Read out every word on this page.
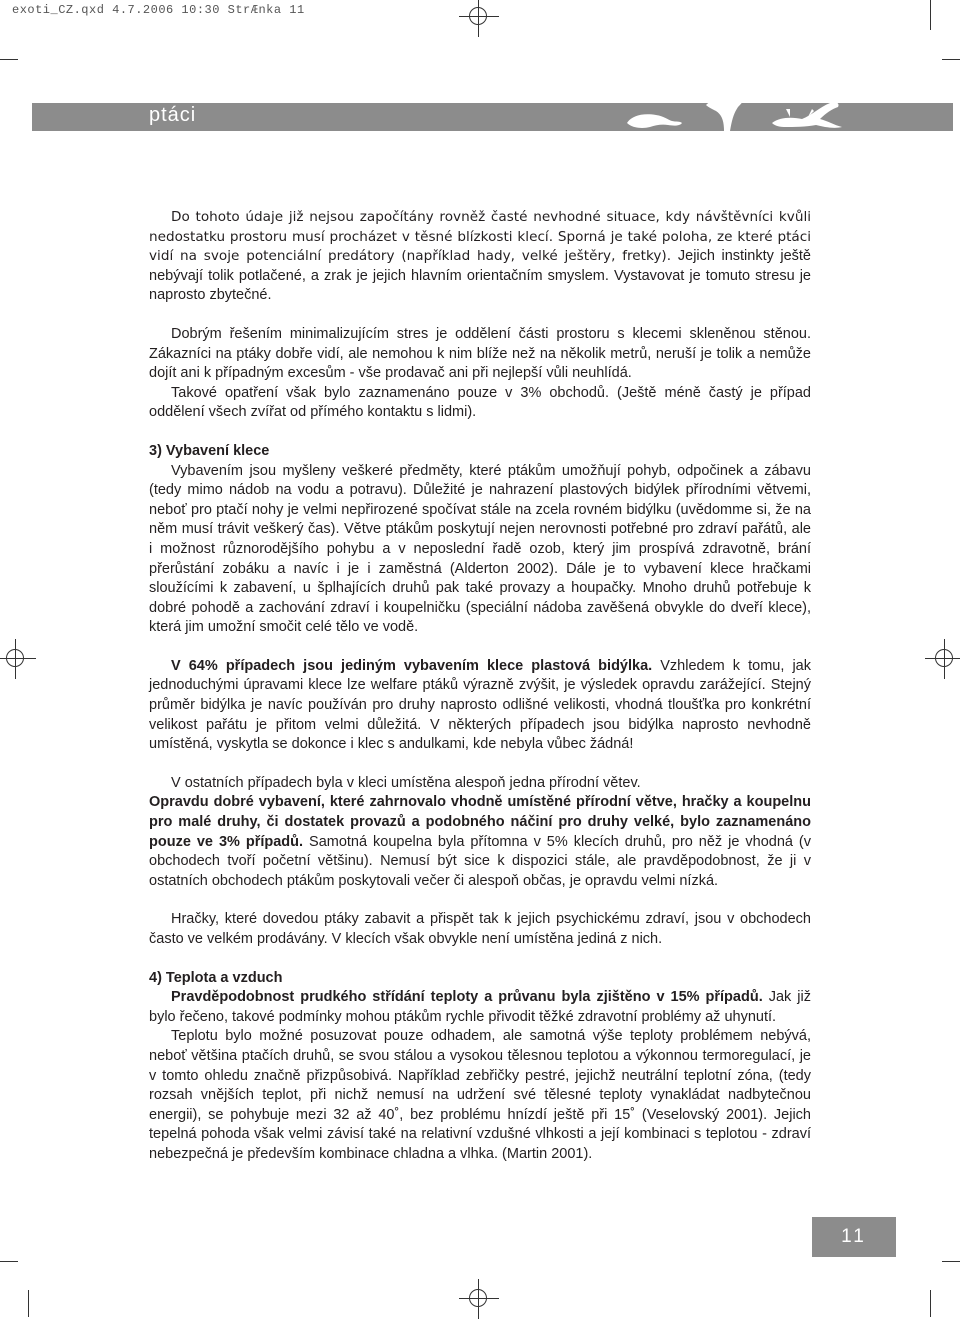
exoti_CZ.qxd 4.7.2006 10:30 StrÆnka 11
ptáci

Do tohoto údaje již nejsou započítány rovněž časté nevhodné situace, kdy návštěvníci kvůli nedostatku prostoru musí procházet v těsné blízkosti klecí. Sporná je také poloha, ze které ptáci vidí na svoje potenciální predátory (například hady, velké ještěry, fretky). Jejich instinkty ještě nebývají tolik potlačené, a zrak je jejich hlavním orientačním smyslem. Vystavovat je tomuto stresu je naprosto zbytečné.

Dobrým řešením minimalizujícím stres je oddělení části prostoru s klecemi skleněnou stěnou. Zákazníci na ptáky dobře vidí, ale nemohou k nim blíže než na několik metrů, neruší je tolik a nemůže dojít ani k případným excesům - vše prodavač ani při nejlepší vůli neuhlídá.

Takové opatření však bylo zaznamenáno pouze v 3% obchodů. (Ještě méně častý je případ oddělení všech zvířat od přímého kontaktu s lidmi).

3) Vybavení klece

Vybavením jsou myšleny veškeré předměty, které ptákům umožňují pohyb, odpočinek a zábavu (tedy mimo nádob na vodu a potravu). Důležité je nahrazení plastových bidýlek přírodními větvemi, neboť pro ptačí nohy je velmi nepřirozené spočívat stále na zcela rovném bidýlku (uvědomme si, že na něm musí trávit veškerý čas). Větve ptákům poskytují nejen nerovnosti potřebné pro zdraví pařátů, ale i možnost různorodějšího pohybu a v neposlední řadě ozob, který jim prospívá zdravotně, brání přerůstání zobáku a navíc i je i zaměstná (Alderton 2002). Dále je to vybavení klece hračkami sloužícími k zabavení, u šplhajících druhů pak také provazy a houpačky. Mnoho druhů potřebuje k dobré pohodě a zachování zdraví i koupelničku (speciální nádoba zavěšená obvykle do dveří klece), která jim umožní smočit celé tělo ve vodě.

V 64% případech jsou jediným vybavením klece plastová bidýlka. Vzhledem k tomu, jak jednoduchými úpravami klece lze welfare ptáků výrazně zvýšit, je výsledek opravdu zarážející. Stejný průměr bidýlka je navíc používán pro druhy naprosto odlišné velikosti, vhodná tloušťka pro konkrétní velikost pařátu je přitom velmi důležitá. V některých případech jsou bidýlka naprosto nevhodně umístěná, vyskytla se dokonce i klec s andulkami, kde nebyla vůbec žádná!

V ostatních případech byla v kleci umístěna alespoň jedna přírodní větev.

Opravdu dobré vybavení, které zahrnovalo vhodně umístěné přírodní větve, hračky a koupelnu pro malé druhy, či dostatek provazů a podobného náčiní pro druhy velké, bylo zaznamenáno pouze ve 3% případů. Samotná koupelna byla přítomna v 5% klecích druhů, pro něž je vhodná (v obchodech tvoří početní většinu). Nemusí být sice k dispozici stále, ale pravděpodobnost, že ji v ostatních obchodech ptákům poskytovali večer či alespoň občas, je opravdu velmi nízká.

Hračky, které dovedou ptáky zabavit a přispět tak k jejich psychickému zdraví, jsou v obchodech často ve velkém prodávány. V klecích však obvykle není umístěna jediná z nich.

4) Teplota a vzduch

Pravděpodobnost prudkého střídání teploty a průvanu byla zjištěno v 15% případů. Jak již bylo řečeno, takové podmínky mohou ptákům rychle přivodit těžké zdravotní problémy až uhynutí.

Teplotu bylo možné posuzovat pouze odhadem, ale samotná výše teploty problémem nebývá, neboť většina ptačích druhů, se svou stálou a vysokou tělesnou teplotou a výkonnou termoregulací, je v tomto ohledu značně přizpůsobivá. Například zebřičky pestré, jejichž neutrální teplotní zóna, (tedy rozsah vnějších teplot, při nichž nemusí na udržení své tělesné teploty vynakládat nadbytečnou energii), se pohybuje mezi 32 až 40˚, bez problému hnízdí ještě při 15˚ (Veselovský 2001). Jejich tepelná pohoda však velmi závisí také na relativní vzdušné vlhkosti a její kombinaci s teplotou - zdraví nebezpečná je především kombinace chladna a vlhka. (Martin 2001).

11
